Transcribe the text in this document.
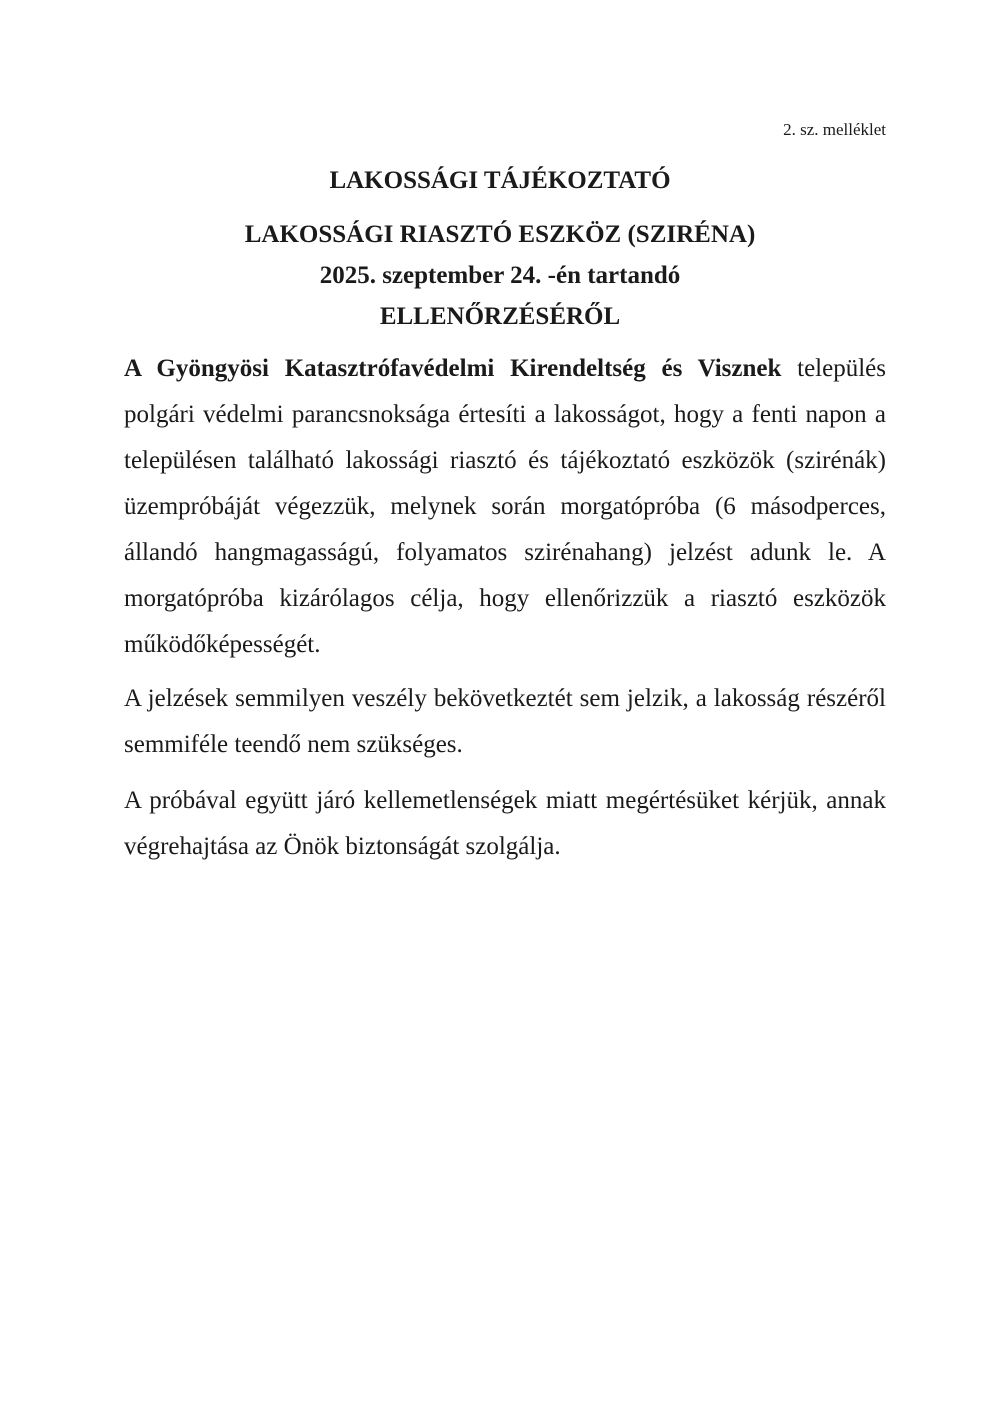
2. sz. melléklet
LAKOSSÁGI TÁJÉKOZTATÓ
LAKOSSÁGI RIASZTÓ ESZKÖZ (SZIRÉNA)
2025. szeptember 24. -én tartandó
ELLENŐRZÉSÉRŐL

A Gyöngyösi Katasztrófavédelmi Kirendeltség és Visznek település polgári védelmi parancsnoksága értesíti a lakosságot, hogy a fenti napon a településen található lakossági riasztó és tájékoztató eszközök (szirénák) üzempróbáját végezzük, melynek során morgatópróba (6 másodperces, állandó hangmagasságú, folyamatos szirénahang) jelzést adunk le. A morgatópróba kizárólagos célja, hogy ellenőrizzük a riasztó eszközök működőképességét.

A jelzések semmilyen veszély bekövetkeztét sem jelzik, a lakosság részéről semmiféle teendő nem szükséges.

A próbával együtt járó kellemetlenségek miatt megértésüket kérjük, annak végrehajtása az Önök biztonságát szolgálja.
